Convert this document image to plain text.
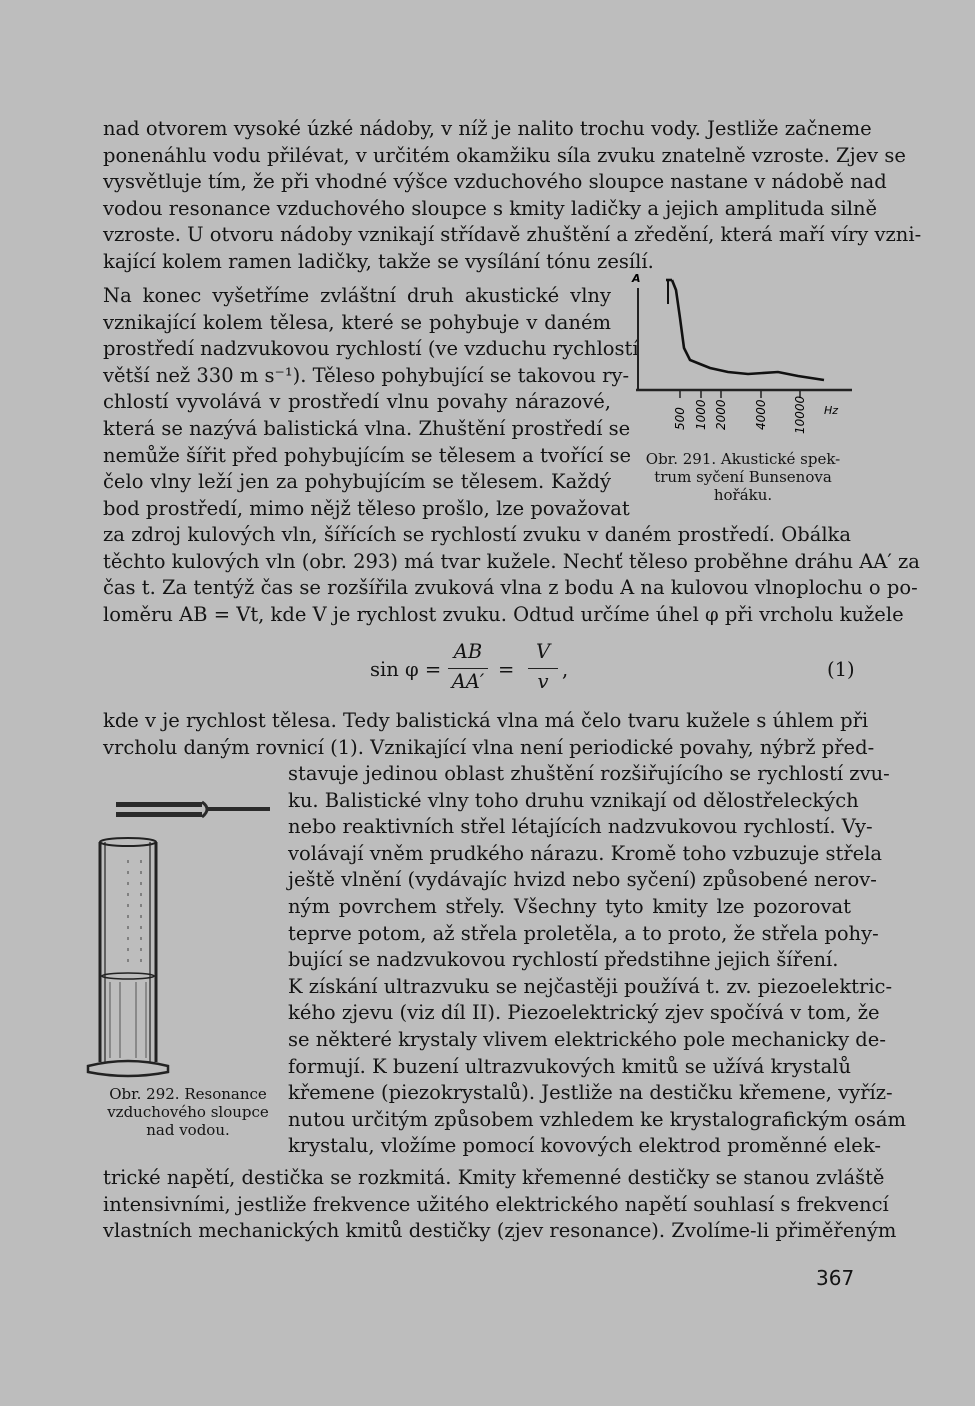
nad otvorem vysoké úzké nádoby, v níž je nalito trochu vody. Jestliže začneme
ponenáhlu vodu přilévat, v určitém okamžiku síla zvuku znatelně vzroste. Zjev se
vysvětluje tím, že při vhodné výšce vzduchového sloupce nastane v nádobě nad
vodou resonance vzduchového sloupce s kmity ladičky a jejich amplituda silně
vzroste. U otvoru nádoby vznikají střídavě zhuštění a zředění, která maří víry vzni-
kající kolem ramen ladičky, takže se vysílání tónu zesílí.
Na konec vyšetříme zvláštní druh akustické vlny
vznikající kolem tělesa, které se pohybuje v daném
prostředí nadzvukovou rychlostí (ve vzduchu rychlostí
větší než 330 m s⁻¹). Těleso pohybující se takovou ry-
chlostí vyvolává v prostředí vlnu povahy nárazové,
která se nazývá balistická vlna. Zhuštění prostředí se
nemůže šířit před pohybujícím se tělesem a tvořící se
čelo vlny leží jen za pohybujícím se tělesem. Každý
bod prostředí, mimo nějž těleso prošlo, lze považovat
za zdroj kulových vln, šířících se rychlostí zvuku v daném prostředí. Obálka
těchto kulových vln (obr. 293) má tvar kužele. Nechť těleso proběhne dráhu AA′ za
čas t. Za tentýž čas se rozšířila zvuková vlna z bodu A na kulovou vlnoplochu o po-
loměru AB = Vt, kde V je rychlost zvuku. Odtud určíme úhel φ při vrcholu kužele
sin φ =
AB
AA′
=
V
v
,	(1)
kde v je rychlost tělesa. Tedy balistická vlna má čelo tvaru kužele s úhlem při
vrcholu daným rovnicí (1). Vznikající vlna není periodické povahy, nýbrž před-
stavuje jedinou oblast zhuštění rozšiřujícího se rychlostí zvu-
ku. Balistické vlny toho druhu vznikají od dělostřeleckých
nebo reaktivních střel létajících nadzvukovou rychlostí. Vy-
volávají vněm prudkého nárazu. Kromě toho vzbuzuje střela
ještě vlnění (vydávajíc hvizd nebo syčení) způsobené nerov-
ným povrchem střely. Všechny tyto kmity lze pozorovat
teprve potom, až střela proletěla, a to proto, že střela pohy-
bující se nadzvukovou rychlostí předstihne jejich šíření.
K získání ultrazvuku se nejčastěji používá t. zv. piezoelektric-
kého zjevu (viz díl II). Piezoelektrický zjev spočívá v tom, že
se některé krystaly vlivem elektrického pole mechanicky de-
formují. K buzení ultrazvukových kmitů se užívá krystalů
křemene (piezokrystalů). Jestliže na destičku křemene, vyříz-
nutou určitým způsobem vzhledem ke krystalografickým osám
krystalu, vložíme pomocí kovových elektrod proměnné elek-
trické napětí, destička se rozkmitá. Kmity křemenné destičky se stanou zvláště
intensivními, jestliže frekvence užitého elektrického napětí souhlasí s frekvencí
vlastních mechanických kmitů destičky (zjev resonance). Zvolíme-li přiměřeným
A
500 1000 2000 4000 10000 Hz
Obr. 291. Akustické spek-
trum syčení Bunsenova
hořáku.
Obr. 292. Resonance
vzduchového sloupce
nad vodou.
367
